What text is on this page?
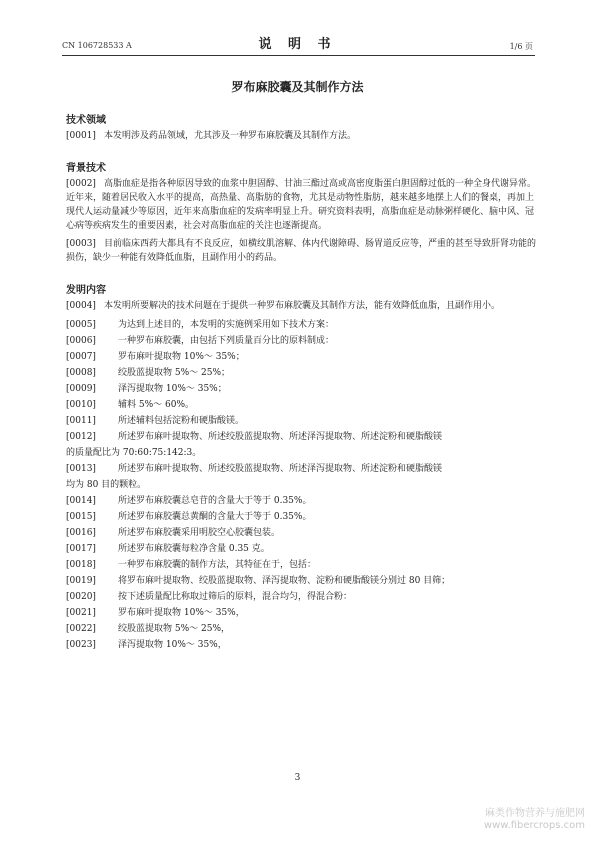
CN 106728533 A	说 明 书	1/6 页
罗布麻胶囊及其制作方法
技术领域

[0001] 本发明涉及药品领域，尤其涉及一种罗布麻胶囊及其制作方法。

背景技术

[0002] 高脂血症是指各种原因导致的血浆中胆固醇、甘油三酯过高或高密度脂蛋白胆固醇过低的一种全身代谢异常。近年来，随着居民收入水平的提高，高热量、高脂肪的食物，尤其是动物性脂肪，越来越多地摆上人们的餐桌，再加上现代人运动量减少等原因，近年来高脂血症的发病率明显上升。研究资料表明，高脂血症是动脉粥样硬化、脑中风、冠心病等疾病发生的重要因素，社会对高脂血症的关注也逐渐提高。

[0003] 目前临床西药大都具有不良反应，如横纹肌溶解、体内代谢障碍、肠胃道反应等，严重的甚至导致肝肾功能的损伤，缺少一种能有效降低血脂，且副作用小的药品。

发明内容

[0004] 本发明所要解决的技术问题在于提供一种罗布麻胶囊及其制作方法，能有效降低血脂，且副作用小。

[0005] 为达到上述目的，本发明的实施例采用如下技术方案：
[0006] 一种罗布麻胶囊，由包括下列质量百分比的原料制成：
[0007] 罗布麻叶提取物 10%～ 35%；
[0008] 绞股蓝提取物 5%～ 25%；
[0009] 泽泻提取物 10%～ 35%；
[0010] 辅料 5%～ 60%。
[0011] 所述辅料包括淀粉和硬脂酸镁。
[0012] 所述罗布麻叶提取物、所述绞股蓝提取物、所述泽泻提取物、所述淀粉和硬脂酸镁
的质量配比为 70:60:75:142:3。
[0013] 所述罗布麻叶提取物、所述绞股蓝提取物、所述泽泻提取物、所述淀粉和硬脂酸镁
均为 80 目的颗粒。
[0014] 所述罗布麻胶囊总皂苷的含量大于等于 0.35%。
[0015] 所述罗布麻胶囊总黄酮的含量大于等于 0.35%。
[0016] 所述罗布麻胶囊采用明胶空心胶囊包装。
[0017] 所述罗布麻胶囊每粒净含量 0.35 克。
[0018] 一种罗布麻胶囊的制作方法，其特征在于，包括：
[0019] 将罗布麻叶提取物、绞股蓝提取物、泽泻提取物、淀粉和硬脂酸镁分别过 80 目筛；
[0020] 按下述质量配比称取过筛后的原料，混合均匀，得混合粉：
[0021] 罗布麻叶提取物 10%～ 35%，
[0022] 绞股蓝提取物 5%～ 25%，
[0023] 泽泻提取物 10%～ 35%，
3
麻类作物营养与施肥网
www.fibercrops.com
